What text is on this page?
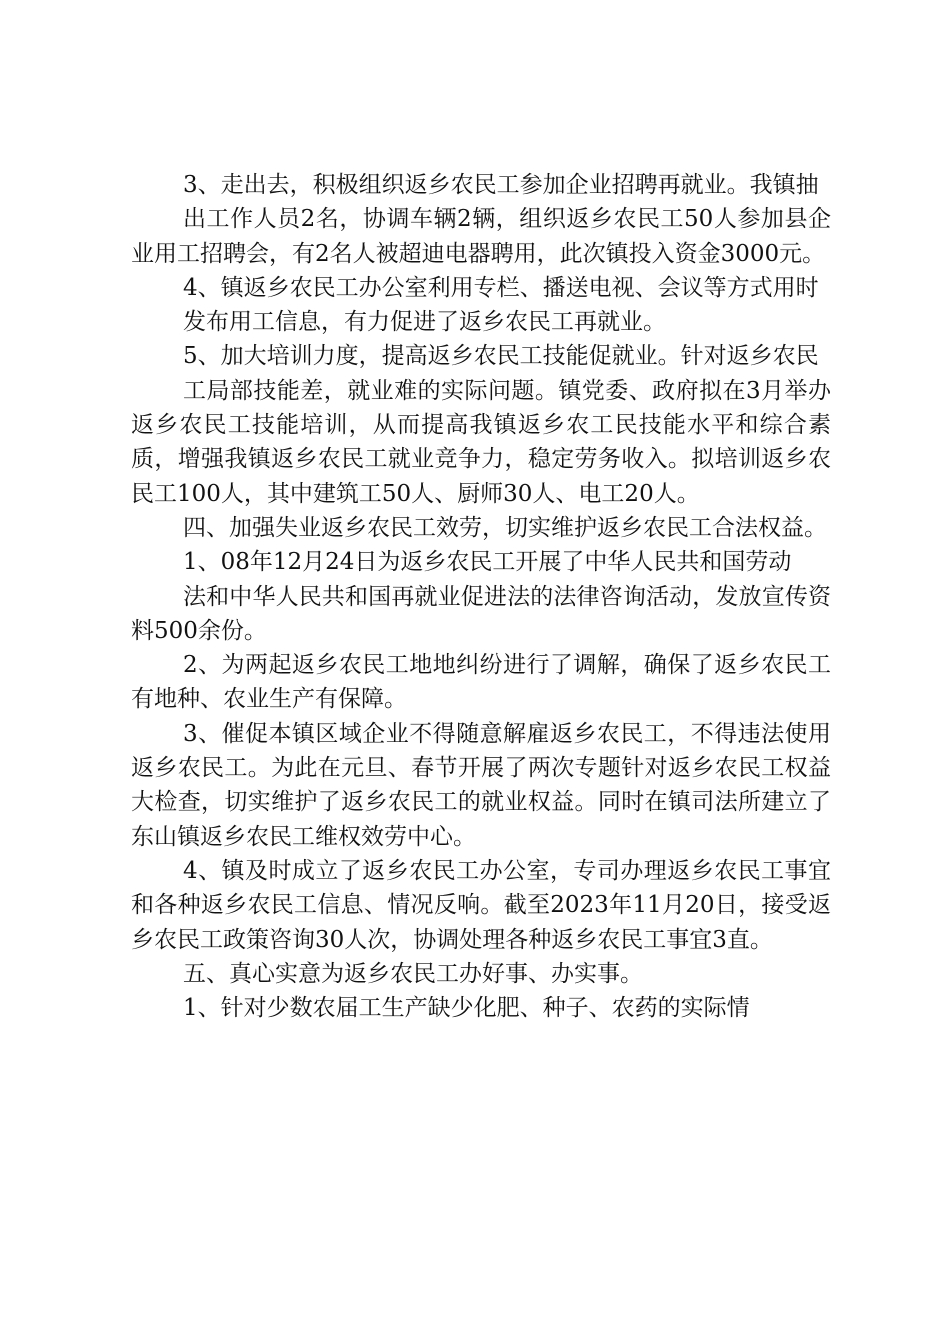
3、走出去，积极组织返乡农民工参加企业招聘再就业。我镇抽

出工作人员2名，协调车辆2辆，组织返乡农民工50人参加县企业用工招聘会，有2名人被超迪电器聘用，此次镇投入资金3000元。

4、镇返乡农民工办公室利用专栏、播送电视、会议等方式用时

发布用工信息，有力促进了返乡农民工再就业。

5、加大培训力度，提高返乡农民工技能促就业。针对返乡农民

工局部技能差，就业难的实际问题。镇党委、政府拟在3月举办返乡农民工技能培训，从而提高我镇返乡农工民技能水平和综合素质，增强我镇返乡农民工就业竞争力，稳定劳务收入。拟培训返乡农民工100人，其中建筑工50人、厨师30人、电工20人。

四、加强失业返乡农民工效劳，切实维护返乡农民工合法权益。

1、08年12月24日为返乡农民工开展了中华人民共和国劳动

法和中华人民共和国再就业促进法的法律咨询活动，发放宣传资料500余份。

2、为两起返乡农民工地地纠纷进行了调解，确保了返乡农民工有地种、农业生产有保障。

3、催促本镇区域企业不得随意解雇返乡农民工，不得违法使用返乡农民工。为此在元旦、春节开展了两次专题针对返乡农民工权益大检查，切实维护了返乡农民工的就业权益。同时在镇司法所建立了东山镇返乡农民工维权效劳中心。

4、镇及时成立了返乡农民工办公室，专司办理返乡农民工事宜和各种返乡农民工信息、情况反响。截至2023年11月20日，接受返乡农民工政策咨询30人次，协调处理各种返乡农民工事宜3直。

五、真心实意为返乡农民工办好事、办实事。

1、针对少数农届工生产缺少化肥、种子、农药的实际情
